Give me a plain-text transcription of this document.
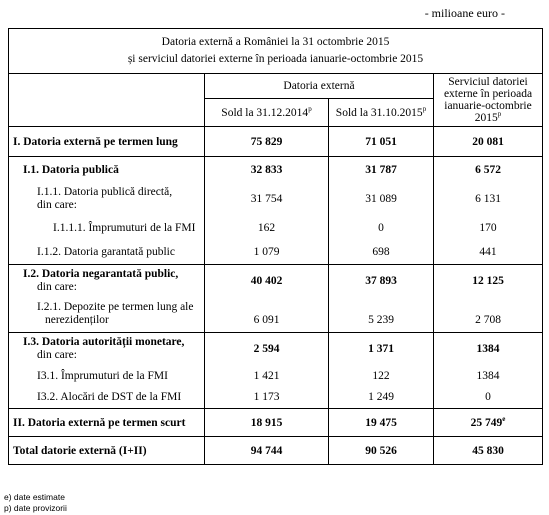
- milioane euro -
Datoria externă a României la 31 octombrie 2015
și serviciul datoriei externe în perioada ianuarie-octombrie 2015			

	Datoria externă		Serviciul datoriei externe în perioada ianuarie-octombrie 2015$^p$
	Sold la 31.12.2014$^p$	Sold la 31.10.2015$^p$
I. Datoria externă pe termen lung	75 829	71 051	20 081
I.1. Datoria publică	32 833	31 787	6 572

I.1.1. Datoria publică directă,
din care:	31 754	31 089	6 131
I.1.1.1. Împrumuturi de la FMI	162	0	170
I.1.2. Datoria garantată public	1 079	698	441

I.2. Datoria negarantată public,
din care:	40 402	37 893	12 125

I.2.1. Depozite pe termen lung ale
nerezidenților	6 091	5 239	2 708

I.3. Datoria autorității monetare,
din care:	2 594	1 371	1384
I3.1. Împrumuturi de la FMI	1 421	122	1384
I3.2. Alocări de DST de la FMI	1 173	1 249	0
II. Datoria externă pe termen scurt	18 915	19 475	25 749e
Total datorie externă (I+II)	94 744	90 526	45 830
e) date estimate
p) date provizorii
